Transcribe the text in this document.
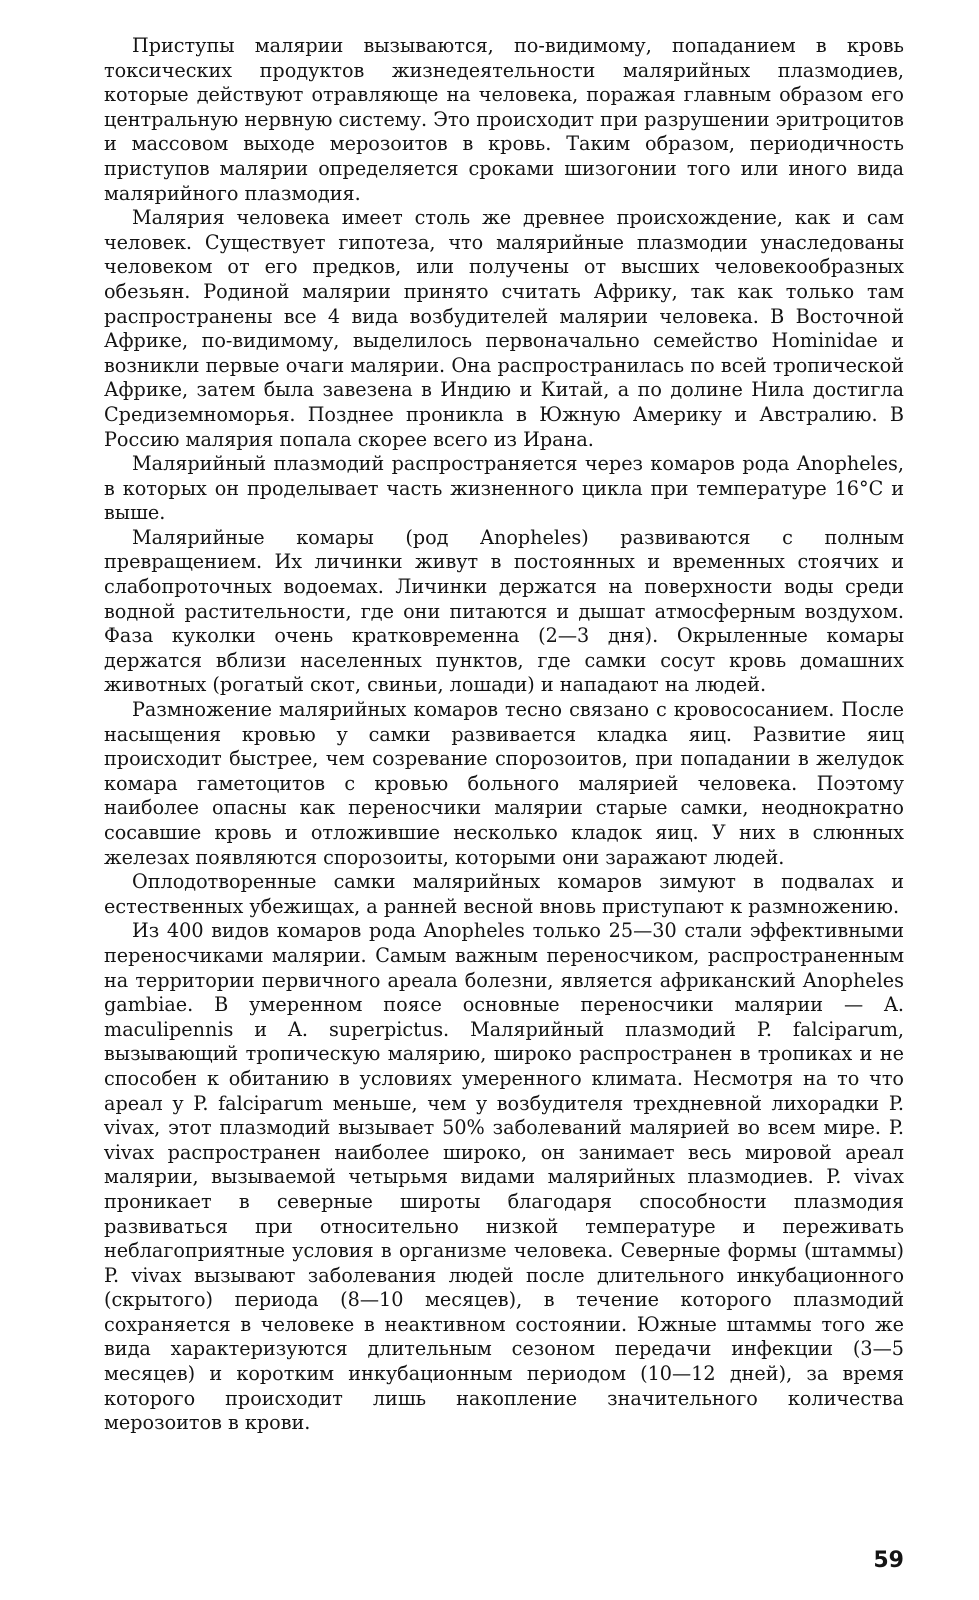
Приступы малярии вызываются, по-видимому, попаданием в кровь токсических продуктов жизнедеятельности малярийных плазмодиев, которые действуют отравляюще на человека, поражая главным образом его центральную нервную систему. Это происходит при разрушении эритроцитов и массовом выходе мерозоитов в кровь. Таким образом, периодичность приступов малярии определяется сроками шизогонии того или иного вида малярийного плазмодия.

Малярия человека имеет столь же древнее происхождение, как и сам человек. Существует гипотеза, что малярийные плазмодии унаследованы человеком от его предков, или получены от высших человекообразных обезьян. Родиной малярии принято считать Африку, так как только там распространены все 4 вида возбудителей малярии человека. В Восточной Африке, по-видимому, выделилось первоначально семейство Hominidae и возникли первые очаги малярии. Она распространилась по всей тропической Африке, затем была завезена в Индию и Китай, а по долине Нила достигла Средиземноморья. Позднее проникла в Южную Америку и Австралию. В Россию малярия попала скорее всего из Ирана.

Малярийный плазмодий распространяется через комаров рода Anopheles, в которых он проделывает часть жизненного цикла при температуре 16°С и выше.

Малярийные комары (род Anopheles) развиваются с полным превращением. Их личинки живут в постоянных и временных стоячих и слабопроточных водоемах. Личинки держатся на поверхности воды среди водной растительности, где они питаются и дышат атмосферным воздухом. Фаза куколки очень кратковременна (2—3 дня). Окрыленные комары держатся вблизи населенных пунктов, где самки сосут кровь домашних животных (рогатый скот, свиньи, лошади) и нападают на людей.

Размножение малярийных комаров тесно связано с кровососанием. После насыщения кровью у самки развивается кладка яиц. Развитие яиц происходит быстрее, чем созревание спорозоитов, при попадании в желудок комара гаметоцитов с кровью больного малярией человека. Поэтому наиболее опасны как переносчики малярии старые самки, неоднократно сосавшие кровь и отложившие несколько кладок яиц. У них в слюнных железах появляются спорозоиты, которыми они заражают людей.

Оплодотворенные самки малярийных комаров зимуют в подвалах и естественных убежищах, а ранней весной вновь приступают к размножению.

Из 400 видов комаров рода Anopheles только 25—30 стали эффективными переносчиками малярии. Самым важным переносчиком, распространенным на территории первичного ареала болезни, является африканский Anopheles gambiae. В умеренном поясе основные переносчики малярии — A. maculipennis и A. superpictus. Малярийный плазмодий P. falciparum, вызывающий тропическую малярию, широко распространен в тропиках и не способен к обитанию в условиях умеренного климата. Несмотря на то что ареал у P. falciparum меньше, чем у возбудителя трехдневной лихорадки P. vivax, этот плазмодий вызывает 50% заболеваний малярией во всем мире. P. vivax распространен наиболее широко, он занимает весь мировой ареал малярии, вызываемой четырьмя видами малярийных плазмодиев. P. vivax проникает в северные широты благодаря способности плазмодия развиваться при относительно низкой температуре и переживать неблагоприятные условия в организме человека. Северные формы (штаммы) P. vivax вызывают заболевания людей после длительного инкубационного (скрытого) периода (8—10 месяцев), в течение которого плазмодий сохраняется в человеке в неактивном состоянии. Южные штаммы того же вида характеризуются длительным сезоном передачи инфекции (3—5 месяцев) и коротким инкубационным периодом (10—12 дней), за время которого происходит лишь накопление значительного количества мерозоитов в крови.

59
